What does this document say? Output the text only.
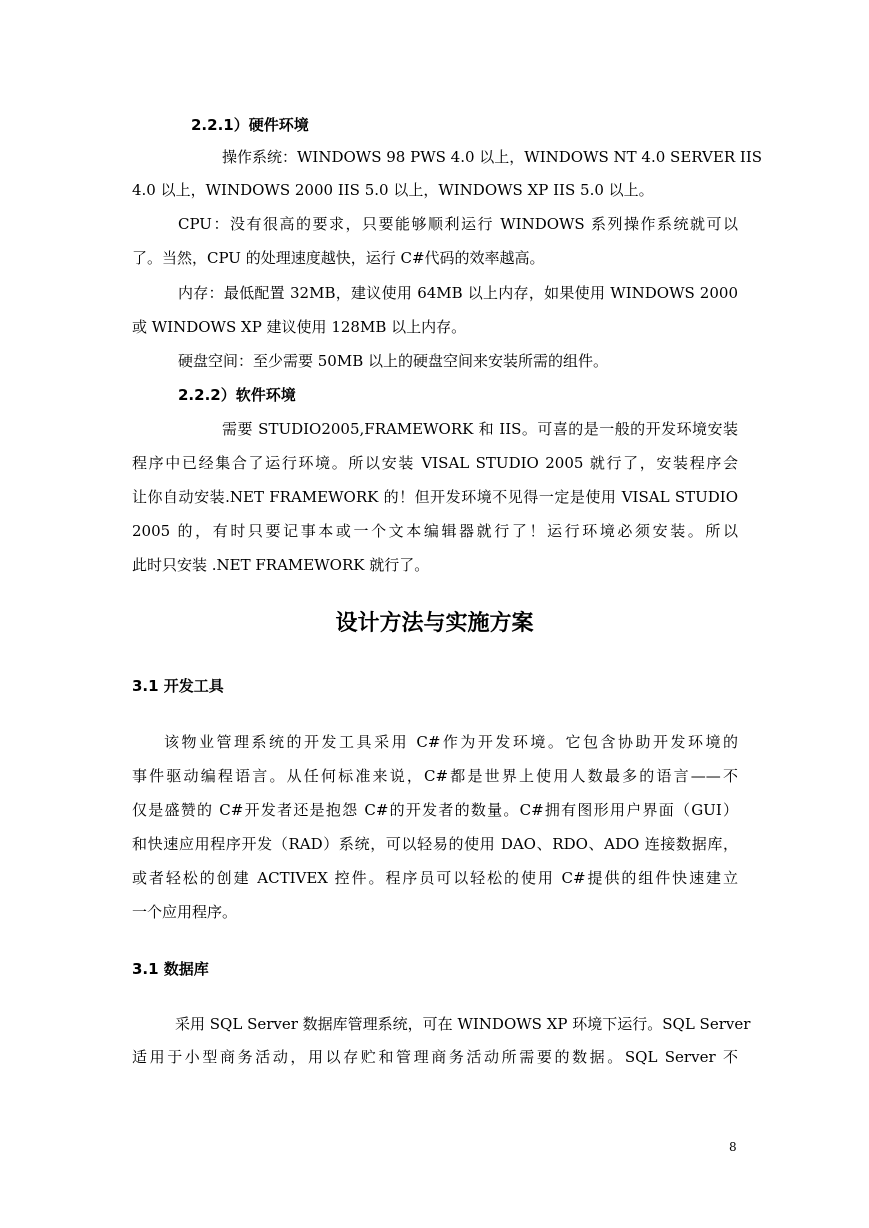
2.2.1）硬件环境
操作系统：WINDOWS 98 PWS 4.0 以上，WINDOWS NT 4.0 SERVER IIS
4.0 以上，WINDOWS 2000 IIS 5.0 以上，WINDOWS XP IIS 5.0 以上。
CPU：没有很高的要求，只要能够顺利运行 WINDOWS 系列操作系统就可以
了。当然，CPU 的处理速度越快，运行 C#代码的效率越高。
内存：最低配置 32MB，建议使用 64MB 以上内存，如果使用 WINDOWS 2000
或 WINDOWS XP 建议使用 128MB 以上内存。
硬盘空间：至少需要 50MB 以上的硬盘空间来安装所需的组件。
2.2.2）软件环境
需要 STUDIO2005,FRAMEWORK 和 IIS。可喜的是一般的开发环境安装
程序中已经集合了运行环境。所以安装 VISAL STUDIO 2005 就行了，安装程序会
让你自动安装.NET FRAMEWORK 的！但开发环境不见得一定是使用 VISAL STUDIO
2005 的，有时只要记事本或一个文本编辑器就行了！运行环境必须安装。所以
此时只安装 .NET FRAMEWORK 就行了。
设计方法与实施方案
3.1 开发工具
该物业管理系统的开发工具采用 C#作为开发环境。它包含协助开发环境的
事件驱动编程语言。从任何标准来说，C#都是世界上使用人数最多的语言——不
仅是盛赞的 C#开发者还是抱怨 C#的开发者的数量。C#拥有图形用户界面（GUI）
和快速应用程序开发（RAD）系统，可以轻易的使用 DAO、RDO、ADO 连接数据库，
或者轻松的创建 ACTIVEX 控件。程序员可以轻松的使用 C#提供的组件快速建立
一个应用程序。
3.1 数据库
采用 SQL Server 数据库管理系统，可在 WINDOWS XP 环境下运行。SQL Server
适用于小型商务活动，用以存贮和管理商务活动所需要的数据。SQL Server 不
8
